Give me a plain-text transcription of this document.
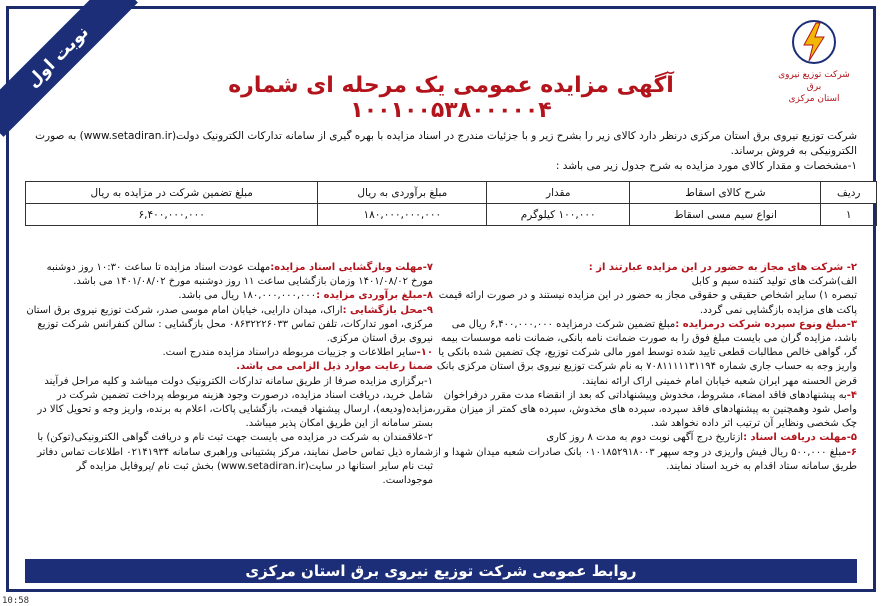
نوبت اول	شرکت توزیع نیروی برق
استان مرکزی
آگهی مزایده عمومی یک مرحله ای شماره ۱۰۰۱۰۰۵۳۸۰۰۰۰۰۴

شرکت توزیع نیروی برق استان مرکزی درنظر دارد کالای زیر را بشرح زیر و با جزئیات مندرج در اسناد مزایده با بهره گیری از سامانه تدارکات الکترونیک دولت(www.setadiran.ir) به صورت الکترونیکی به فروش برساند.

۱-مشخصات و مقدار کالای مورد مزایده به شرح جدول زیر می باشد :

ردیف	شرح کالای اسقاط	مقدار	مبلغ برآوردی به ریال	مبلغ تضمین شرکت در مزایده به ریال
۱	انواع سیم مسی اسقاط	۱۰۰,۰۰۰ کیلوگرم	۱۸۰,۰۰۰,۰۰۰,۰۰۰	۶,۴۰۰,۰۰۰,۰۰۰

۲- شرکت های مجاز به حضور در این مزایده عبارتند از :

الف)شرکت های تولید کننده سیم و کابل

تبصره ۱) سایر اشخاص حقیقی و حقوقی مجاز به حضور در این مزایده نیستند و در صورت ارائه قیمت پاکت های مزایده بازگشایی نمی گردد.

۳-مبلغ ونوع سپرده شرکت درمزایده :مبلغ تضمین شرکت درمزایده ۶,۴۰۰,۰۰۰,۰۰۰ ریال می باشد، مزایده گران می بایست مبلغ فوق را به صورت ضمانت نامه بانکی، ضمانت نامه موسسات بیمه گر، گواهی خالص مطالبات قطعی تایید شده توسط امور مالی شرکت توزیع، چک تضمین شده بانکی یا واریز وجه به حساب جاری شماره ۷۰۸۱۱۱۱۱۳۱۱۹۴ به نام شرکت توزیع نیروی برق استان مرکزی بانک قرض الحسنه مهر ایران شعبه خیابان امام خمینی اراک ارائه نمایند.

۴-به پیشنهادهای فاقد امضاء، مشروط، مخدوش وپیشنهاداتی که بعد از انقضاء مدت مقرر درفراخوان واصل شود وهمچنین به پیشنهادهای فاقد سپرده، سپرده های مخدوش، سپرده های کمتر از میزان مقرر، چک شخصی ونظایر آن ترتیب اثر داده نخواهد شد.

۵-مهلت دریافت اسناد :ازتاریخ درج آگهی نوبت دوم به مدت ۸ روز کاری

۶-مبلغ ۵۰۰,۰۰۰ ریال فیش واریزی در وجه سپهر ۰۱۰۱۸۵۲۹۱۸۰۰۳ بانک صادرات شعبه میدان شهدا و از طریق سامانه ستاد اقدام به خرید اسناد نمایند.

۷-مهلت وبازگشایی اسناد مزایده:مهلت عودت اسناد مزایده تا ساعت ۱۰:۳۰ روز دوشنبه مورخ ۱۴۰۱/۰۸/۰۲ وزمان بازگشایی ساعت ۱۱ روز دوشنبه مورخ ۱۴۰۱/۰۸/۰۲ می باشد.

۸-مبلغ برآوردی مزایده :۱۸۰,۰۰۰,۰۰۰,۰۰۰ ریال می باشد.

۹-محل بازگشایی :اراک، میدان دارایی، خیابان امام موسی صدر، شرکت توزیع نیروی برق استان مرکزی، امور تدارکات، تلفن تماس ۰۸۶۳۲۲۲۶۰۳۳ محل بازگشایی : سالن کنفرانس شرکت توزیع نیروی برق استان مرکزی.

۱۰-سایر اطلاعات و جزییات مربوطه دراسناد مزایده مندرج است.

ضمنا رعایت موارد ذیل الزامی می باشد.

۱-برگزاری مزایده صرفا از طریق سامانه تدارکات الکترونیک دولت میباشد و کلیه مراحل فرآیند شامل خرید، دریافت اسناد مزایده، درصورت وجود هزینه مربوطه پرداخت تضمین شرکت در مزایده(ودیعه)، ارسال پیشنهاد قیمت، بازگشایی پاکات، اعلام به برنده، واریز وجه و تحویل کالا در بستر سامانه از این طریق امکان پذیر میباشد.

۲-علاقمندان به شرکت در مزایده می بایست جهت ثبت نام و دریافت گواهی الکترونیکی(توکن) با شماره ذیل تماس حاصل نمایند، مرکز پشتیبانی وراهبری سامانه ۰۲۱۴۱۹۳۴ اطلاعات تماس دفاتر ثبت نام سایر استانها در سایت(www.setadiran.ir) بخش ثبت نام /پروفایل مزایده گر موجوداست.

روابط عمومی شرکت توزیع نیروی برق استان مرکزی
10:58
